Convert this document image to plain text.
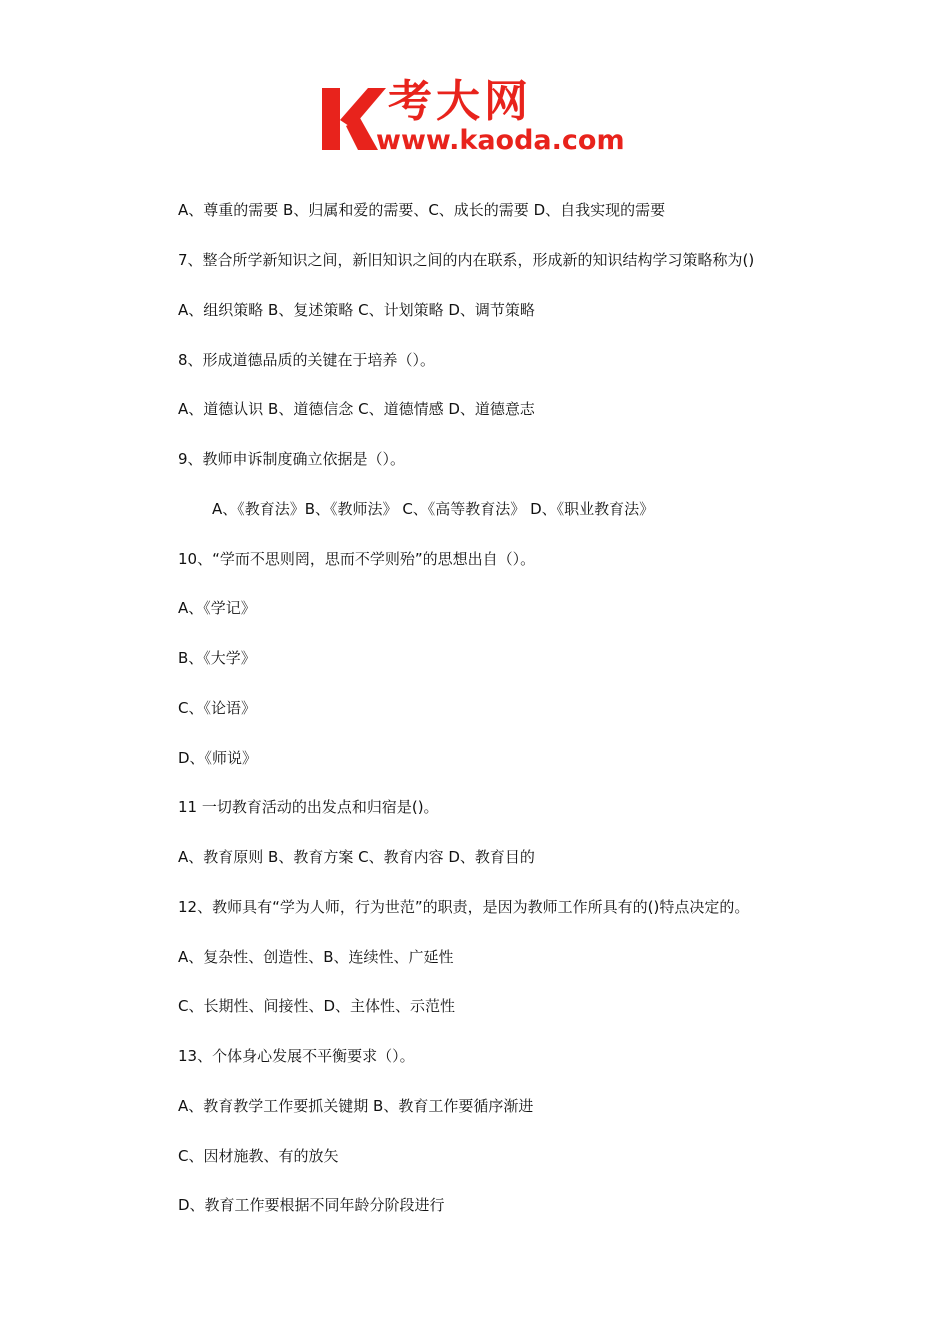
考大网
www.kaoda.com
A、尊重的需要 B、归属和爱的需要、C、成长的需要 D、自我实现的需要
7、整合所学新知识之间，新旧知识之间的内在联系，形成新的知识结构学习策略称为()
A、组织策略 B、复述策略 C、计划策略 D、调节策略
8、形成道德品质的关键在于培养（）。
A、道德认识 B、道德信念 C、道德情感 D、道德意志
9、教师申诉制度确立依据是（）。
A、《教育法》B、《教师法》 C、《高等教育法》 D、《职业教育法》
10、“学而不思则罔，思而不学则殆”的思想出自（）。
A、《学记》
B、《大学》
C、《论语》
D、《师说》
11 一切教育活动的出发点和归宿是()。
A、教育原则 B、教育方案 C、教育内容 D、教育目的
12、教师具有“学为人师，行为世范”的职责，是因为教师工作所具有的()特点决定的。
A、复杂性、创造性、B、连续性、广延性
C、长期性、间接性、D、主体性、示范性
13、个体身心发展不平衡要求（）。
A、教育教学工作要抓关键期 B、教育工作要循序渐进
C、因材施教、有的放矢
D、教育工作要根据不同年龄分阶段进行
